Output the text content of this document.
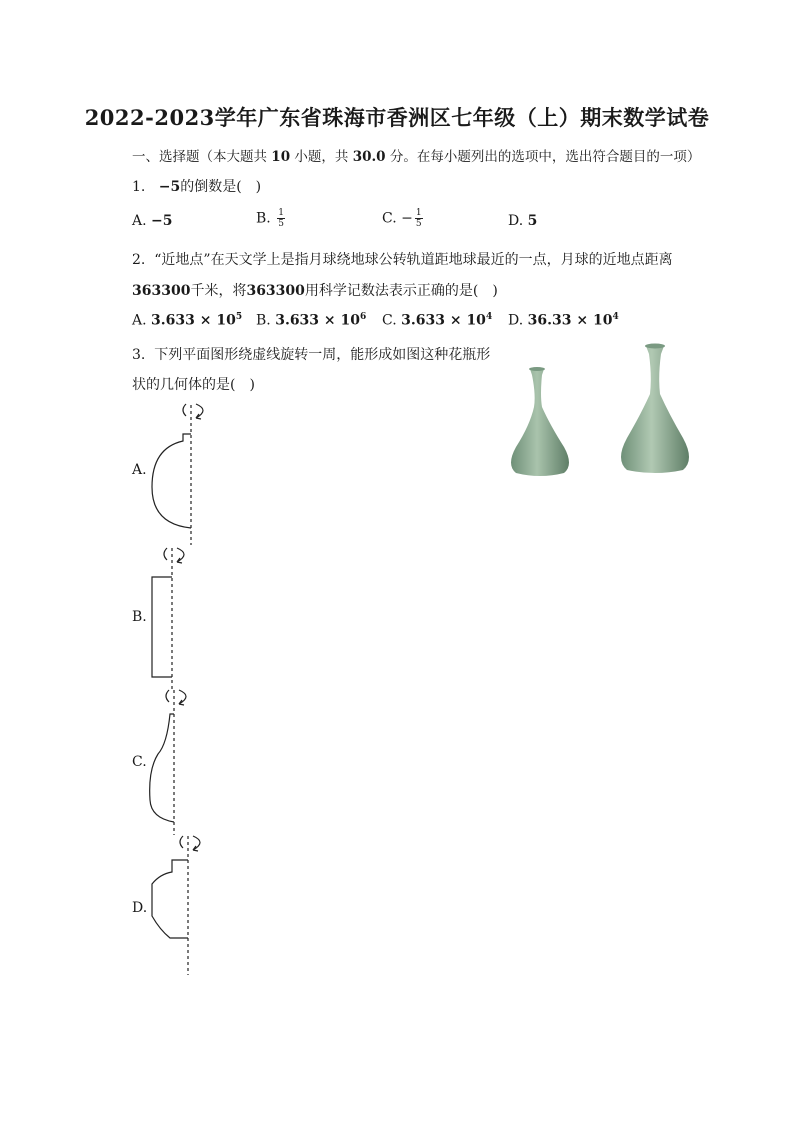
2022-2023学年广东省珠海市香洲区七年级（上）期末数学试卷
一、选择题（本大题共 10 小题，共 30.0 分。在每小题列出的选项中，选出符合题目的一项）
1. −5的倒数是(　)
A. −5	B. $\frac{1}{5}$	C. − $\frac{1}{5}$	D. 5
2. “近地点”在天文学上是指月球绕地球公转轨道距地球最近的一点，月球的近地点距离
363300千米，将363300用科学记数法表示正确的是(　)
A. $3.633 \times 10^5$ B. $3.633 \times 10^6$ C. $3.633 \times 10^4$ D. $36.33 \times 10^4$
3. 下列平面图形绕虚线旋转一周，能形成如图这种花瓶形
状的几何体的是(　)
A.
B.
C.
D.
